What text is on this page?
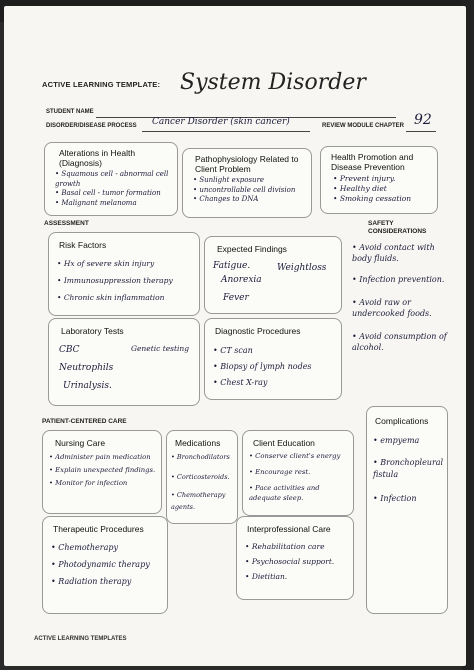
ACTIVE LEARNING TEMPLATE: System Disorder
STUDENT NAME
DISORDER/DISEASE PROCESS Cancer Disorder (skin cancer)	REVIEW MODULE CHAPTER 92
Alterations in Health (Diagnosis)
• Squamous cell - abnormal cell growth
• Basal cell - tumor formation
• Malignant melanoma
Pathophysiology Related to Client Problem
• Sunlight exposure
• uncontrollable cell division
• Changes to DNA
Health Promotion and Disease Prevention
• Prevent injury.
• Healthy diet
• Smoking cessation
ASSESSMENT
Risk Factors
• Hx of severe skin injury
• Immunosuppression therapy
• Chronic skin inflammation
Expected Findings
Fatigue.	Weightloss
Anorexia
Fever
Laboratory Tests
CBC	Genetic testing
Neutrophils
Urinalysis.
Diagnostic Procedures
• CT scan
• Biopsy of lymph nodes
• Chest X-ray
SAFETY CONSIDERATIONS
• Avoid contact with body fluids.
• Infection prevention.
• Avoid raw or undercooked foods.
• Avoid consumption of alcohol.
PATIENT-CENTERED CARE
Nursing Care
• Administer pain medication
• Explain unexpected findings.
• Monitor for infection
Medications
• Bronchodilators
• Corticosteroids.
• Chemotherapy agents.
Client Education
• Conserve client's energy
• Encourage rest.
• Pace activities and adequate sleep.
Therapeutic Procedures
• Chemotherapy
• Photodynamic therapy
• Radiation therapy
Interprofessional Care
• Rehabilitation care
• Psychosocial support.
• Dietitian.
Complications
• empyema
• Bronchopleural fistula
• Infection
ACTIVE LEARNING TEMPLATES
